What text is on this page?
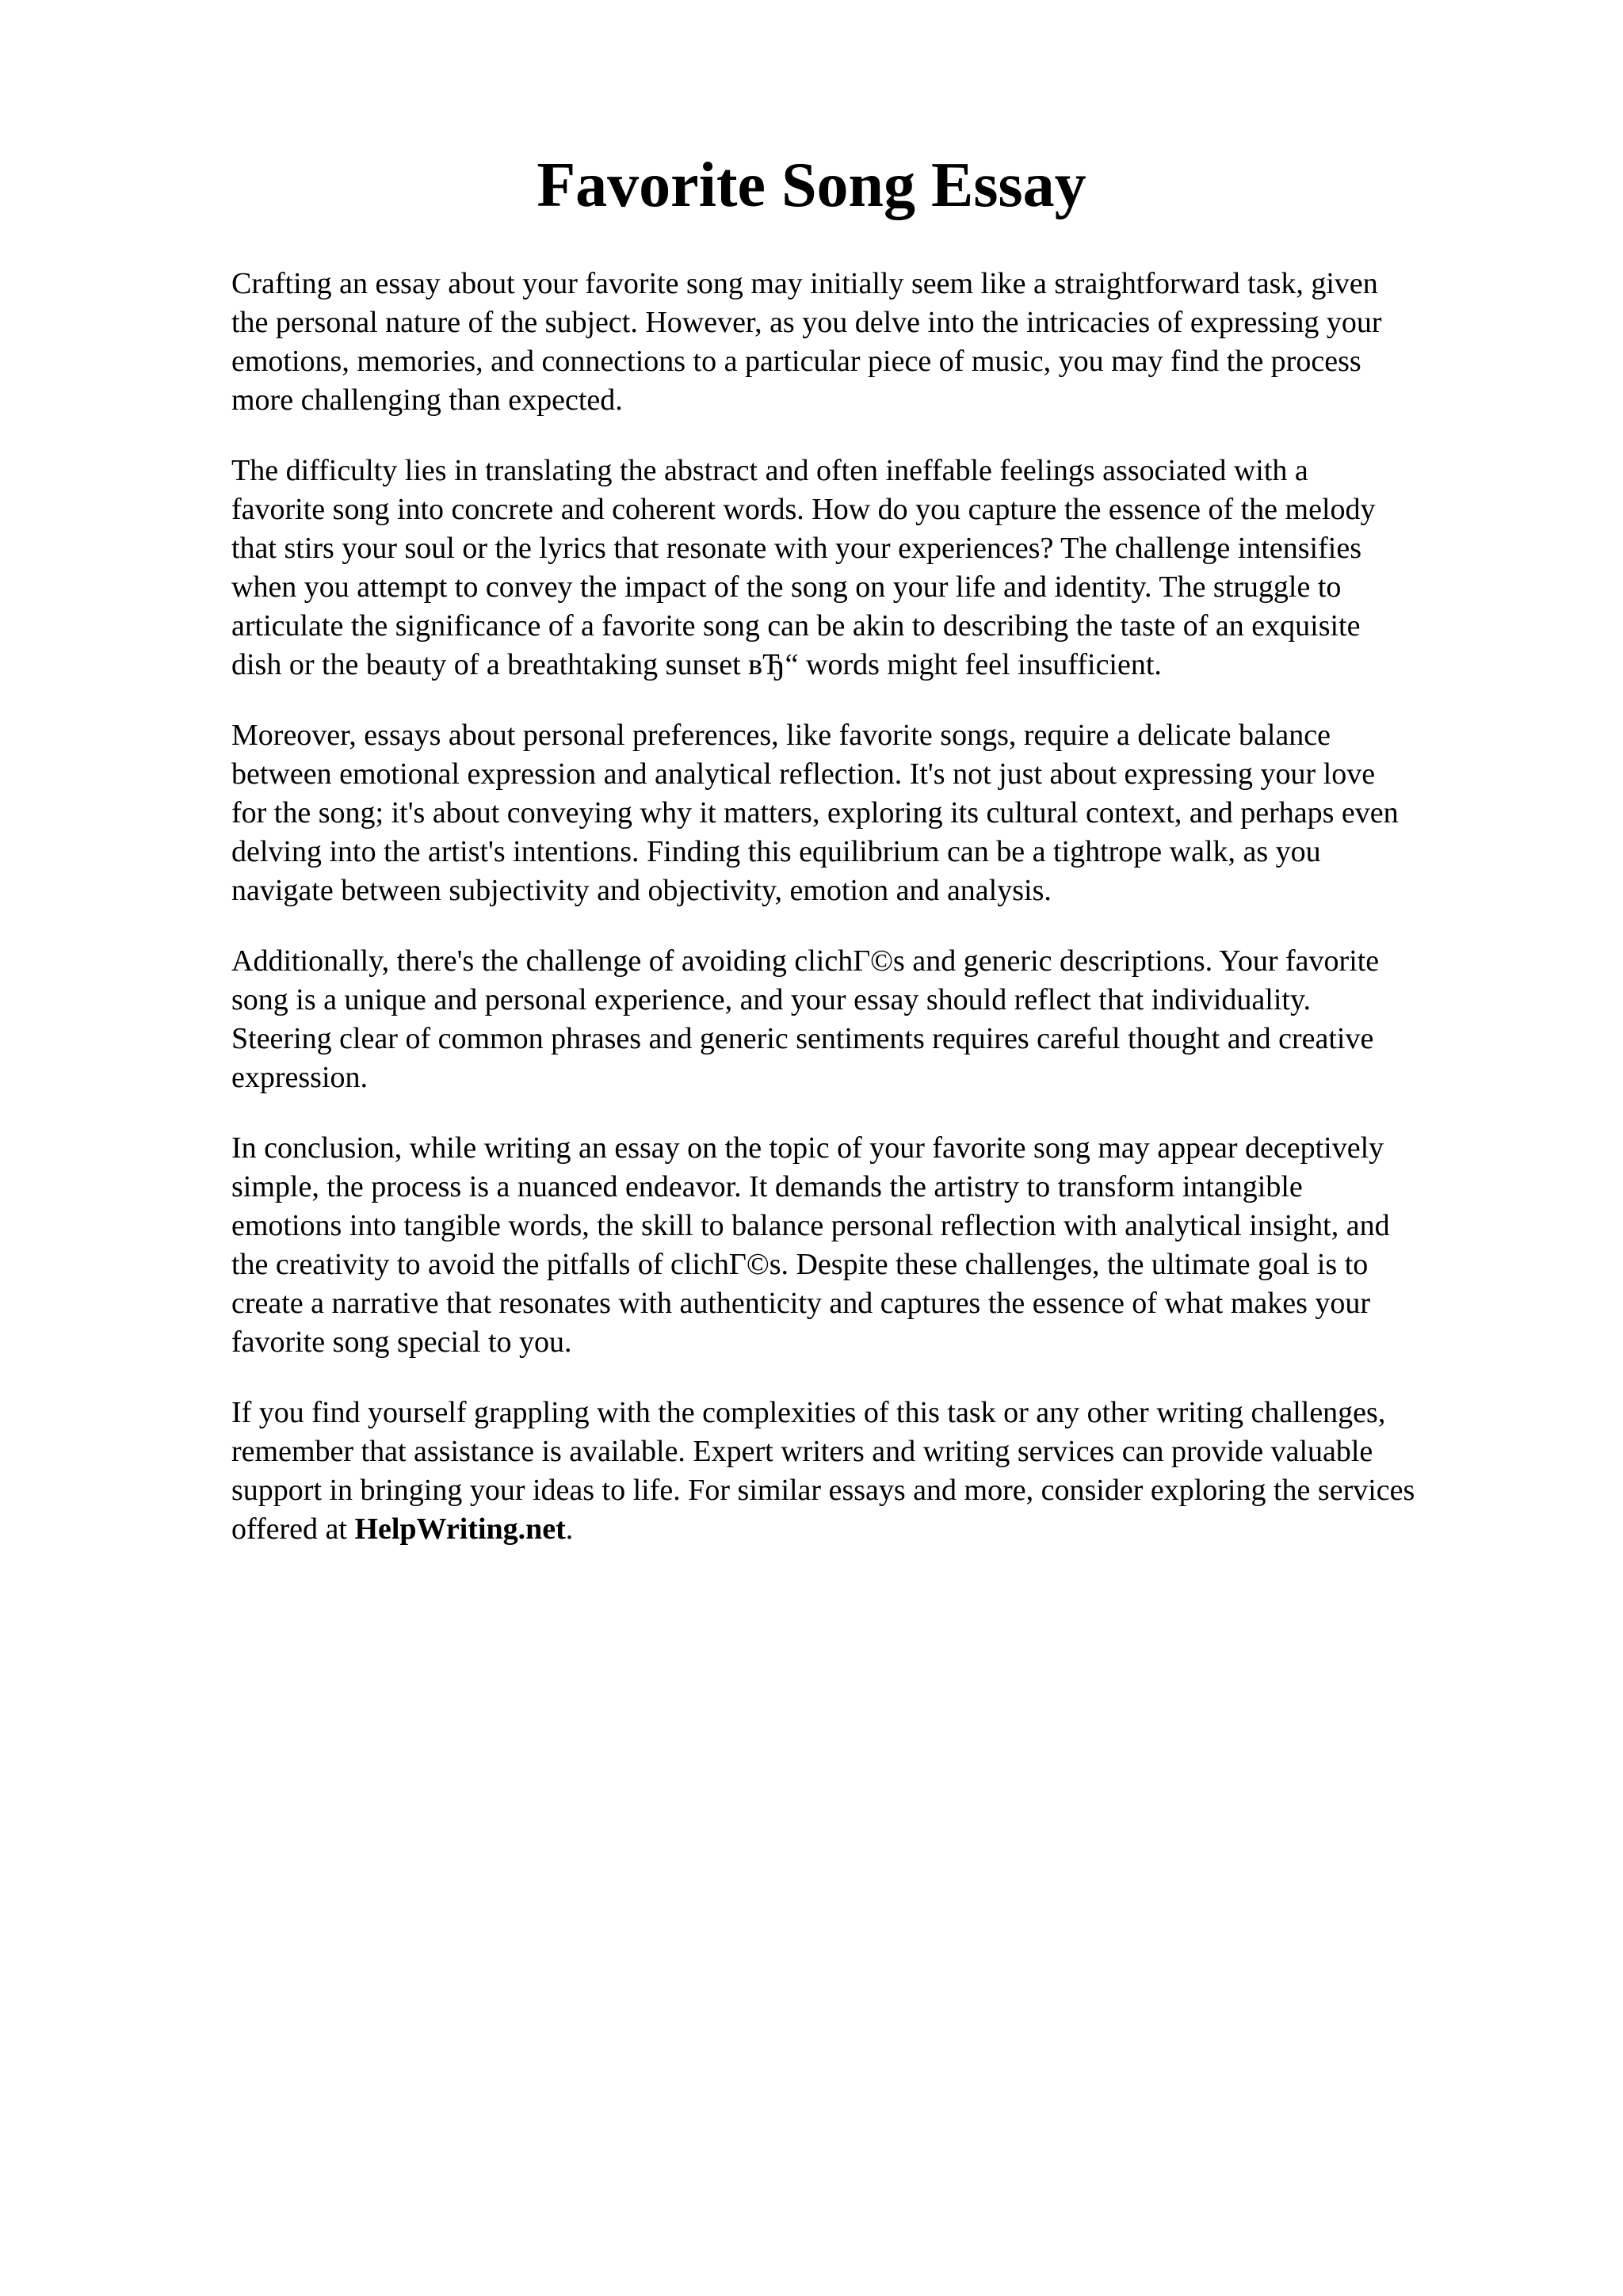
Favorite Song Essay

Crafting an essay about your favorite song may initially seem like a straightforward task, given
the personal nature of the subject. However, as you delve into the intricacies of expressing your
emotions, memories, and connections to a particular piece of music, you may find the process
more challenging than expected.

The difficulty lies in translating the abstract and often ineffable feelings associated with a
favorite song into concrete and coherent words. How do you capture the essence of the melody
that stirs your soul or the lyrics that resonate with your experiences? The challenge intensifies
when you attempt to convey the impact of the song on your life and identity. The struggle to
articulate the significance of a favorite song can be akin to describing the taste of an exquisite
dish or the beauty of a breathtaking sunset вЂ“ words might feel insufficient.

Moreover, essays about personal preferences, like favorite songs, require a delicate balance
between emotional expression and analytical reflection. It's not just about expressing your love
for the song; it's about conveying why it matters, exploring its cultural context, and perhaps even
delving into the artist's intentions. Finding this equilibrium can be a tightrope walk, as you
navigate between subjectivity and objectivity, emotion and analysis.

Additionally, there's the challenge of avoiding clichГ©s and generic descriptions. Your favorite
song is a unique and personal experience, and your essay should reflect that individuality.
Steering clear of common phrases and generic sentiments requires careful thought and creative
expression.

In conclusion, while writing an essay on the topic of your favorite song may appear deceptively
simple, the process is a nuanced endeavor. It demands the artistry to transform intangible
emotions into tangible words, the skill to balance personal reflection with analytical insight, and
the creativity to avoid the pitfalls of clichГ©s. Despite these challenges, the ultimate goal is to
create a narrative that resonates with authenticity and captures the essence of what makes your
favorite song special to you.

If you find yourself grappling with the complexities of this task or any other writing challenges,
remember that assistance is available. Expert writers and writing services can provide valuable
support in bringing your ideas to life. For similar essays and more, consider exploring the services
offered at HelpWriting.net.
